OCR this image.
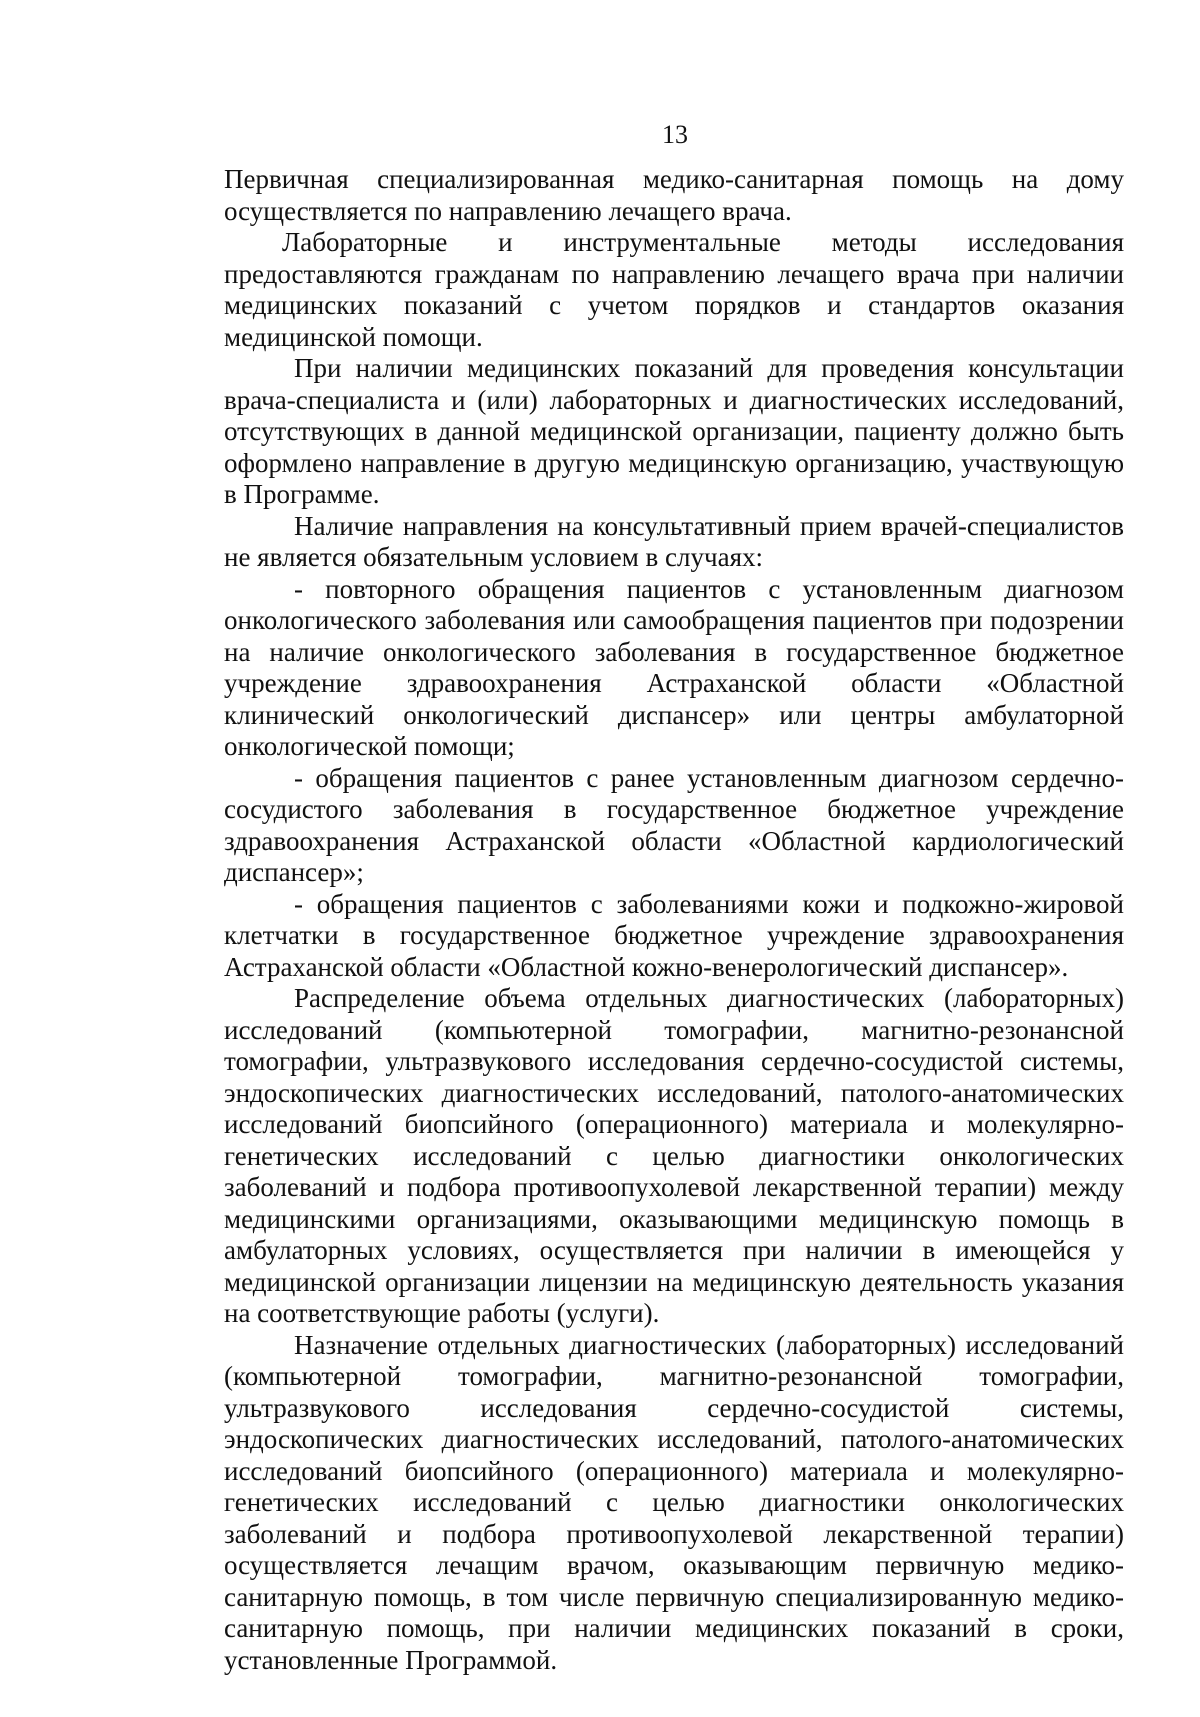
13

Первичная специализированная медико-санитарная помощь на дому осуществляется по направлению лечащего врача.

Лабораторные и инструментальные методы исследования предоставляются гражданам по направлению лечащего врача при наличии медицинских показаний с учетом порядков и стандартов оказания медицинской помощи.

При наличии медицинских показаний для проведения консультации врача-специалиста и (или) лабораторных и диагностических исследований, отсутствующих в данной медицинской организации, пациенту должно быть оформлено направление в другую медицинскую организацию, участвующую в Программе.

Наличие направления на консультативный прием врачей-специалистов не является обязательным условием в случаях:

- повторного обращения пациентов с установленным диагнозом онкологического заболевания или самообращения пациентов при подозрении на наличие онкологического заболевания в государственное бюджетное учреждение здравоохранения Астраханской области «Областной клинический онкологический диспансер» или центры амбулаторной онкологической помощи;

- обращения пациентов с ранее установленным диагнозом сердечно-сосудистого заболевания в государственное бюджетное учреждение здравоохранения Астраханской области «Областной кардиологический диспансер»;

- обращения пациентов с заболеваниями кожи и подкожно-жировой клетчатки в государственное бюджетное учреждение здравоохранения Астраханской области «Областной кожно-венерологический диспансер».

Распределение объема отдельных диагностических (лабораторных) исследований (компьютерной томографии, магнитно-резонансной томографии, ультразвукового исследования сердечно-сосудистой системы, эндоскопических диагностических исследований, патолого-анатомических исследований биопсийного (операционного) материала и молекулярно-генетических исследований с целью диагностики онкологических заболеваний и подбора противоопухолевой лекарственной терапии) между медицинскими организациями, оказывающими медицинскую помощь в амбулаторных условиях, осуществляется при наличии в имеющейся у медицинской организации лицензии на медицинскую деятельность указания на соответствующие работы (услуги).

Назначение отдельных диагностических (лабораторных) исследований (компьютерной томографии, магнитно-резонансной томографии, ультразвукового исследования сердечно-сосудистой системы, эндоскопических диагностических исследований, патолого-анатомических исследований биопсийного (операционного) материала и молекулярно-генетических исследований с целью диагностики онкологических заболеваний и подбора противоопухолевой лекарственной терапии) осуществляется лечащим врачом, оказывающим первичную медико-санитарную помощь, в том числе первичную специализированную медико-санитарную помощь, при наличии медицинских показаний в сроки, установленные Программой.
